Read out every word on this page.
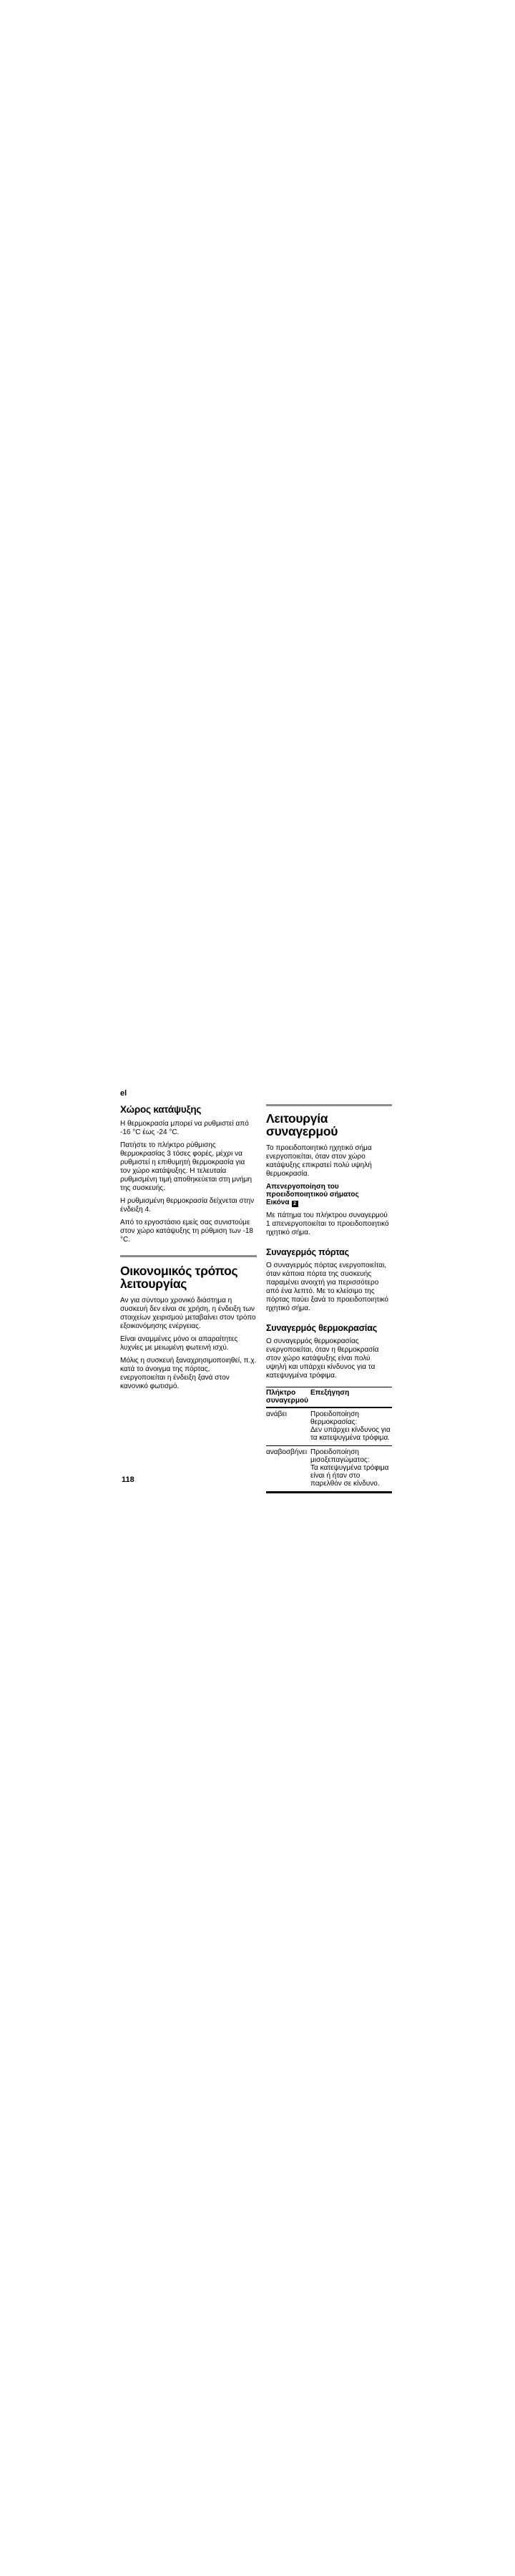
el
Χώρος κατάψυξης

Η θερμοκρασία μπορεί να ρυθμιστεί από -16 °C έως -24 °C.

Πατήστε το πλήκτρο ρύθμισης θερμοκρασίας 3 τόσες φορές, μέχρι να ρυθμιστεί η επιθυμητή θερμοκρασία για τον χώρο κατάψυξης. Η τελευταία ρυθμισμένη τιμή αποθηκεύεται στη μνήμη της συσκευής.

Η ρυθμισμένη θερμοκρασία δείχνεται στην ένδειξη 4.

Από το εργοστάσιο εμείς σας συνιστούμε στον χώρο κατάψυξης τη ρύθμιση των -18 °C.

Οικονομικός τρόπος λειτουργίας

Αν για σύντομο χρονικό διάστημα η συσκευή δεν είναι σε χρήση, η ένδειξη των στοιχείων χειρισμού μεταβαίνει στον τρόπο εξοικονόμησης ενέργειας.

Είναι αναμμένες μόνο οι απαραίτητες λυχνίες με μειωμένη φωτεινή ισχύ.

Μόλις η συσκευή ξαναχρησιμοποιηθεί, π.χ. κατά το άνοιγμα της πόρτας, ενεργοποιείται η ένδειξη ξανά στον κανονικό φωτισμό.

Λειτουργία συναγερμού

Το προειδοποιητικό ηχητικό σήμα ενεργοποιείται, όταν στον χώρο κατάψυξης επικρατεί πολύ υψηλή θερμοκρασία.

Απενεργοποίηση του
προειδοποιητικού σήματος
Εικόνα 2

Με πάτημα του πλήκτρου συναγερμού 1 απενεργοποιείται το προειδοποιητικό ηχητικό σήμα.

Συναγερμός πόρτας

Ο συναγερμός πόρτας ενεργοποιείται, όταν κάποια πόρτα της συσκευής παραμένει ανοιχτή για περισσότερο από ένα λεπτό. Με το κλείσιμο της πόρτας παύει ξανά το προειδοποιητικό ηχητικό σήμα.

Συναγερμός θερμοκρασίας

Ο συναγερμός θερμοκρασίας ενεργοποιείται, όταν η θερμοκρασία στον χώρο κατάψυξης είναι πολύ υψηλή και υπάρχει κίνδυνος για τα κατεψυγμένα τρόφιμα.

Πλήκτρο συναγερμού	Επεξήγηση
ανάβει	Προειδοποίηση θερμοκρασίας:
Δεν υπάρχει κίνδυνος για τα κατεψυγμένα τρόφιμα.

αναβοσβήνει	Προειδοποίηση μισοξεπαγώματος:
Τα κατεψυγμένα τρόφιμα είναι ή ήταν στο παρελθόν σε κίνδυνο.
118
